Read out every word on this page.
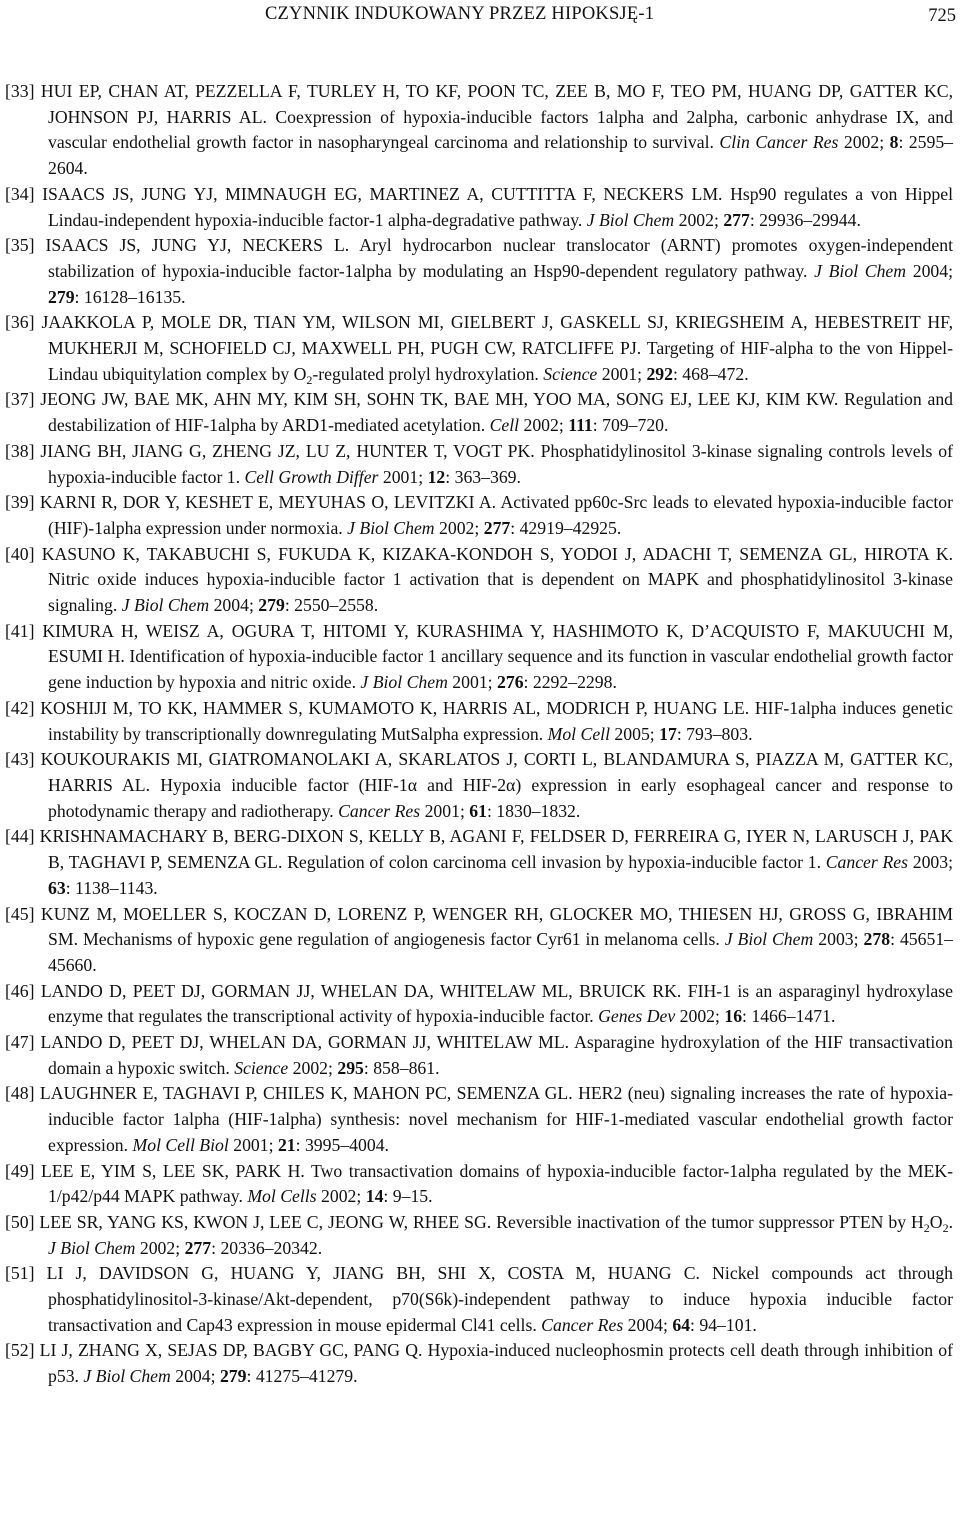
CZYNNIK INDUKOWANY PRZEZ HIPOKSJĘ-1	725

[33] HUI EP, CHAN AT, PEZZELLA F, TURLEY H, TO KF, POON TC, ZEE B, MO F, TEO PM, HUANG DP, GATTER KC, JOHNSON PJ, HARRIS AL. Coexpression of hypoxia-inducible factors 1alpha and 2alpha, carbonic anhydrase IX, and vascular endothelial growth factor in nasopharyngeal carcinoma and relationship to survival. Clin Cancer Res 2002; 8: 2595–2604.

[34] ISAACS JS, JUNG YJ, MIMNAUGH EG, MARTINEZ A, CUTTITTA F, NECKERS LM. Hsp90 regulates a von Hippel Lindau-independent hypoxia-inducible factor-1 alpha-degradative pathway. J Biol Chem 2002; 277: 29936–29944.

[35] ISAACS JS, JUNG YJ, NECKERS L. Aryl hydrocarbon nuclear translocator (ARNT) promotes oxygen-independent stabilization of hypoxia-inducible factor-1alpha by modulating an Hsp90-dependent regulatory pathway. J Biol Chem 2004; 279: 16128–16135.

[36] JAAKKOLA P, MOLE DR, TIAN YM, WILSON MI, GIELBERT J, GASKELL SJ, KRIEGSHEIM A, HEBESTREIT HF, MUKHERJI M, SCHOFIELD CJ, MAXWELL PH, PUGH CW, RATCLIFFE PJ. Targeting of HIF-alpha to the von Hippel-Lindau ubiquitylation complex by $O_2$-regulated prolyl hydroxylation. Science 2001; 292: 468–472.

[37] JEONG JW, BAE MK, AHN MY, KIM SH, SOHN TK, BAE MH, YOO MA, SONG EJ, LEE KJ, KIM KW. Regulation and destabilization of HIF-1alpha by ARD1-mediated acetylation. Cell 2002; 111: 709–720.

[38] JIANG BH, JIANG G, ZHENG JZ, LU Z, HUNTER T, VOGT PK. Phosphatidylinositol 3-kinase signaling controls levels of hypoxia-inducible factor 1. Cell Growth Differ 2001; 12: 363–369.

[39] KARNI R, DOR Y, KESHET E, MEYUHAS O, LEVITZKI A. Activated pp60c-Src leads to elevated hypoxia-inducible factor (HIF)-1alpha expression under normoxia. J Biol Chem 2002; 277: 42919–42925.

[40] KASUNO K, TAKABUCHI S, FUKUDA K, KIZAKA-KONDOH S, YODOI J, ADACHI T, SEMENZA GL, HIROTA K. Nitric oxide induces hypoxia-inducible factor 1 activation that is dependent on MAPK and phosphatidylinositol 3-kinase signaling. J Biol Chem 2004; 279: 2550–2558.

[41] KIMURA H, WEISZ A, OGURA T, HITOMI Y, KURASHIMA Y, HASHIMOTO K, D’ACQUISTO F, MAKUUCHI M, ESUMI H. Identification of hypoxia-inducible factor 1 ancillary sequence and its function in vascular endothelial growth factor gene induction by hypoxia and nitric oxide. J Biol Chem 2001; 276: 2292–2298.

[42] KOSHIJI M, TO KK, HAMMER S, KUMAMOTO K, HARRIS AL, MODRICH P, HUANG LE. HIF-1alpha induces genetic instability by transcriptionally downregulating MutSalpha expression. Mol Cell 2005; 17: 793–803.

[43] KOUKOURAKIS MI, GIATROMANOLAKI A, SKARLATOS J, CORTI L, BLANDAMURA S, PIAZZA M, GATTER KC, HARRIS AL. Hypoxia inducible factor (HIF-1α and HIF-2α) expression in early esophageal cancer and response to photodynamic therapy and radiotherapy. Cancer Res 2001; 61: 1830–1832.

[44] KRISHNAMACHARY B, BERG-DIXON S, KELLY B, AGANI F, FELDSER D, FERREIRA G, IYER N, LARUSCH J, PAK B, TAGHAVI P, SEMENZA GL. Regulation of colon carcinoma cell invasion by hypoxia-inducible factor 1. Cancer Res 2003; 63: 1138–1143.

[45] KUNZ M, MOELLER S, KOCZAN D, LORENZ P, WENGER RH, GLOCKER MO, THIESEN HJ, GROSS G, IBRAHIM SM. Mechanisms of hypoxic gene regulation of angiogenesis factor Cyr61 in melanoma cells. J Biol Chem 2003; 278: 45651–45660.

[46] LANDO D, PEET DJ, GORMAN JJ, WHELAN DA, WHITELAW ML, BRUICK RK. FIH-1 is an asparaginyl hydroxylase enzyme that regulates the transcriptional activity of hypoxia-inducible factor. Genes Dev 2002; 16: 1466–1471.

[47] LANDO D, PEET DJ, WHELAN DA, GORMAN JJ, WHITELAW ML. Asparagine hydroxylation of the HIF transactivation domain a hypoxic switch. Science 2002; 295: 858–861.

[48] LAUGHNER E, TAGHAVI P, CHILES K, MAHON PC, SEMENZA GL. HER2 (neu) signaling increases the rate of hypoxia-inducible factor 1alpha (HIF-1alpha) synthesis: novel mechanism for HIF-1-mediated vascular endothelial growth factor expression. Mol Cell Biol 2001; 21: 3995–4004.

[49] LEE E, YIM S, LEE SK, PARK H. Two transactivation domains of hypoxia-inducible factor-1alpha regulated by the MEK-1/p42/p44 MAPK pathway. Mol Cells 2002; 14: 9–15.

[50] LEE SR, YANG KS, KWON J, LEE C, JEONG W, RHEE SG. Reversible inactivation of the tumor suppressor PTEN by $H_2O_2$. J Biol Chem 2002; 277: 20336–20342.

[51] LI J, DAVIDSON G, HUANG Y, JIANG BH, SHI X, COSTA M, HUANG C. Nickel compounds act through phosphatidylinositol-3-kinase/Akt-dependent, p70(S6k)-independent pathway to induce hypoxia inducible factor transactivation and Cap43 expression in mouse epidermal Cl41 cells. Cancer Res 2004; 64: 94–101.

[52] LI J, ZHANG X, SEJAS DP, BAGBY GC, PANG Q. Hypoxia-induced nucleophosmin protects cell death through inhibition of p53. J Biol Chem 2004; 279: 41275–41279.
